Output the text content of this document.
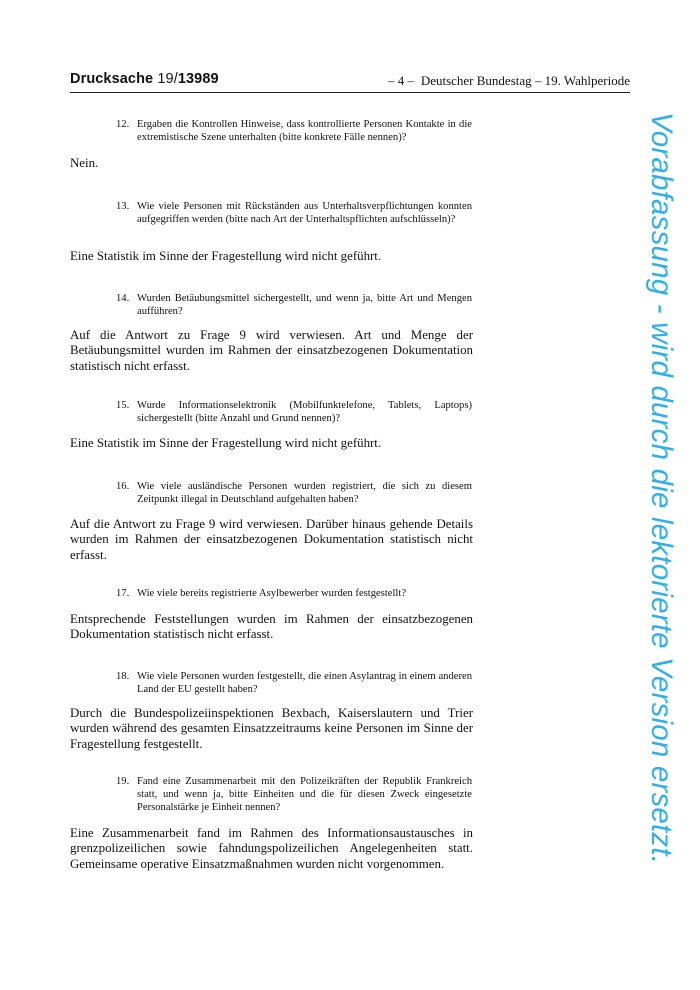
Drucksache 19/13989	– 4 – Deutscher Bundestag – 19. Wahlperiode
Vorabfassung - wird durch die lektorierte Version ersetzt.
12. Ergaben die Kontrollen Hinweise, dass kontrollierte Personen Kontakte in die extremistische Szene unterhalten (bitte konkrete Fälle nennen)?
Nein.
13. Wie viele Personen mit Rückständen aus Unterhaltsverpflichtungen konnten aufgegriffen werden (bitte nach Art der Unterhaltspflichten aufschlüsseln)?
Eine Statistik im Sinne der Fragestellung wird nicht geführt.
14. Wurden Betäubungsmittel sichergestellt, und wenn ja, bitte Art und Mengen aufführen?
Auf die Antwort zu Frage 9 wird verwiesen. Art und Menge der Betäubungsmittel wurden im Rahmen der einsatzbezogenen Dokumentation statistisch nicht erfasst.
15. Wurde Informationselektronik (Mobilfunktelefone, Tablets, Laptops) sichergestellt (bitte Anzahl und Grund nennen)?
Eine Statistik im Sinne der Fragestellung wird nicht geführt.
16. Wie viele ausländische Personen wurden registriert, die sich zu diesem Zeitpunkt illegal in Deutschland aufgehalten haben?
Auf die Antwort zu Frage 9 wird verwiesen. Darüber hinaus gehende Details wurden im Rahmen der einsatzbezogenen Dokumentation statistisch nicht erfasst.
17. Wie viele bereits registrierte Asylbewerber wurden festgestellt?
Entsprechende Feststellungen wurden im Rahmen der einsatzbezogenen Dokumentation statistisch nicht erfasst.
18. Wie viele Personen wurden festgestellt, die einen Asylantrag in einem anderen Land der EU gestellt haben?
Durch die Bundespolizeiinspektionen Bexbach, Kaiserslautern und Trier wurden während des gesamten Einsatzzeitraums keine Personen im Sinne der Fragestellung festgestellt.
19. Fand eine Zusammenarbeit mit den Polizeikräften der Republik Frankreich statt, und wenn ja, bitte Einheiten und die für diesen Zweck eingesetzte Personalstärke je Einheit nennen?
Eine Zusammenarbeit fand im Rahmen des Informationsaustausches in grenzpolizeilichen sowie fahndungspolizeilichen Angelegenheiten statt. Gemeinsame operative Einsatzmaßnahmen wurden nicht vorgenommen.
